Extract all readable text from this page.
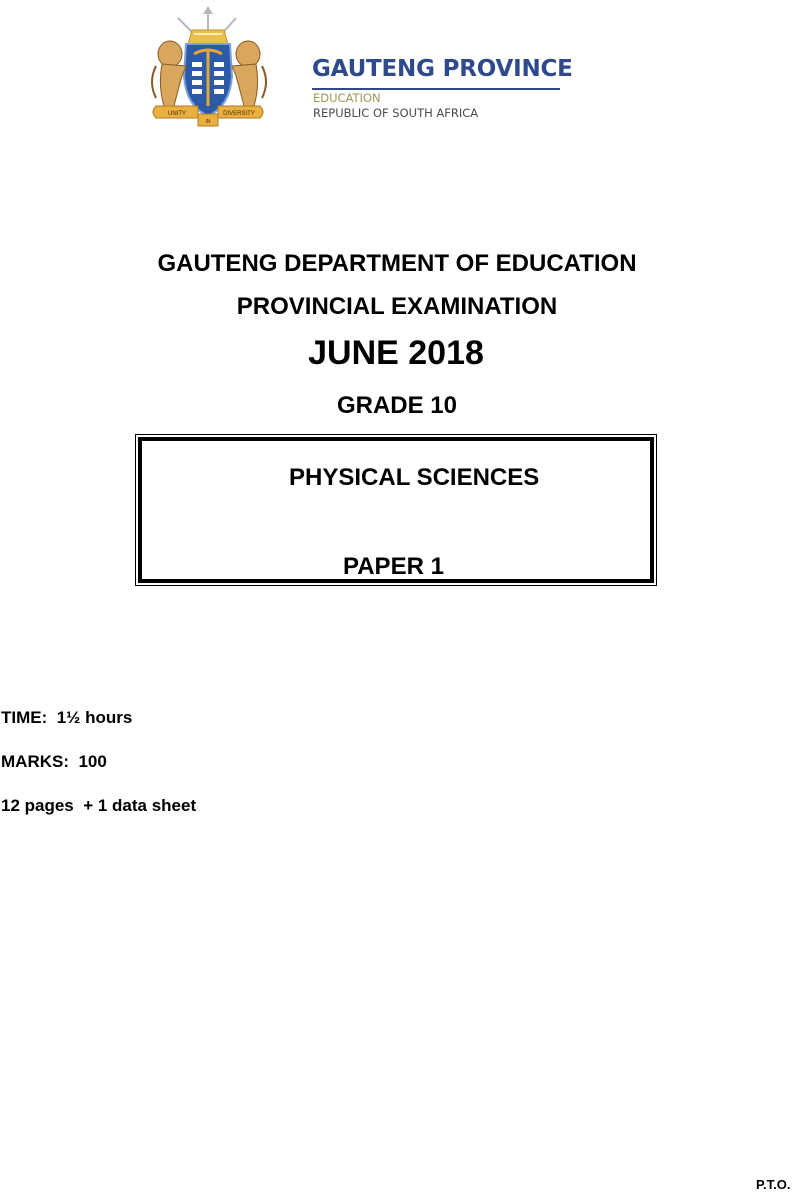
UNITY
IN
DIVERSITY
GAUTENG PROVINCE
EDUCATION
REPUBLIC OF SOUTH AFRICA
GAUTENG DEPARTMENT OF EDUCATION
PROVINCIAL EXAMINATION
JUNE 2018
GRADE 10
PHYSICAL SCIENCES
PAPER 1
TIME:  1½ hours
MARKS:  100
12 pages  + 1 data sheet
P.T.O.
